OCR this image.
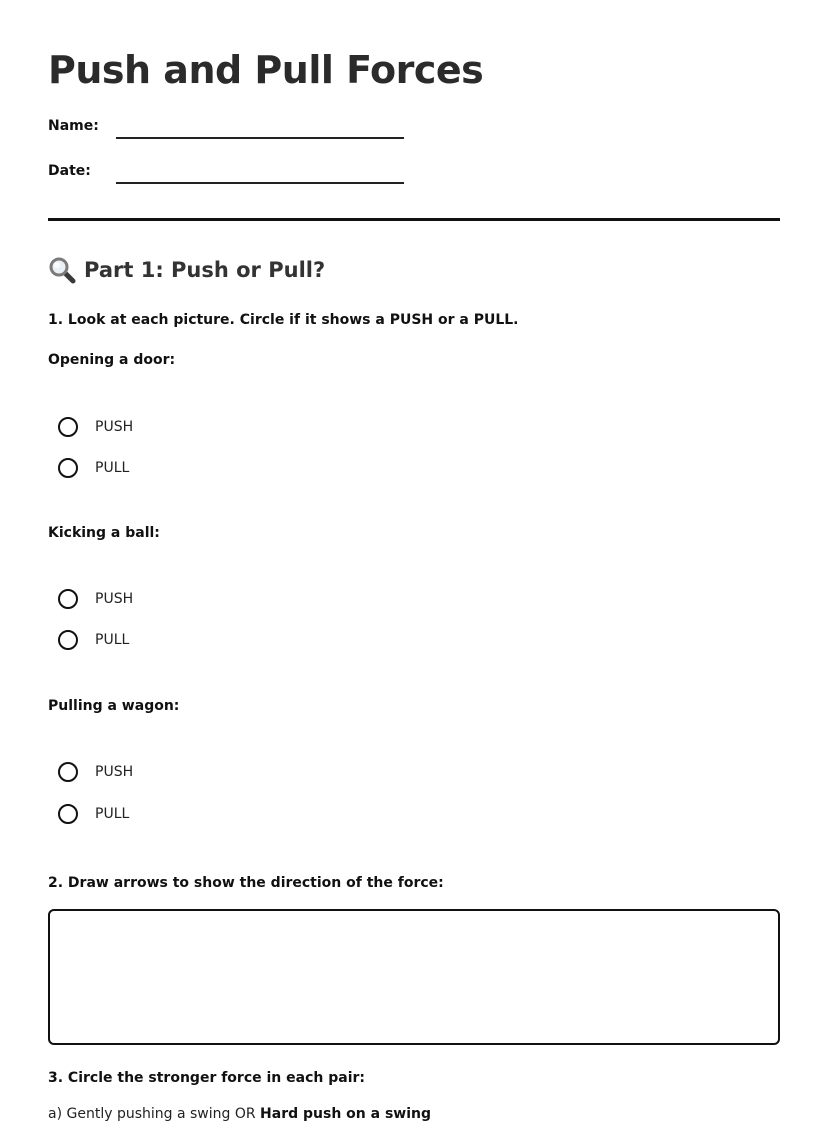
Push and Pull Forces
Name:
Date:
Part 1: Push or Pull?
1. Look at each picture. Circle if it shows a PUSH or a PULL.
Opening a door:
PUSH
PULL
Kicking a ball:
PUSH
PULL
Pulling a wagon:
PUSH
PULL
2. Draw arrows to show the direction of the force:
3. Circle the stronger force in each pair:
a) Gently pushing a swing OR Hard push on a swing
